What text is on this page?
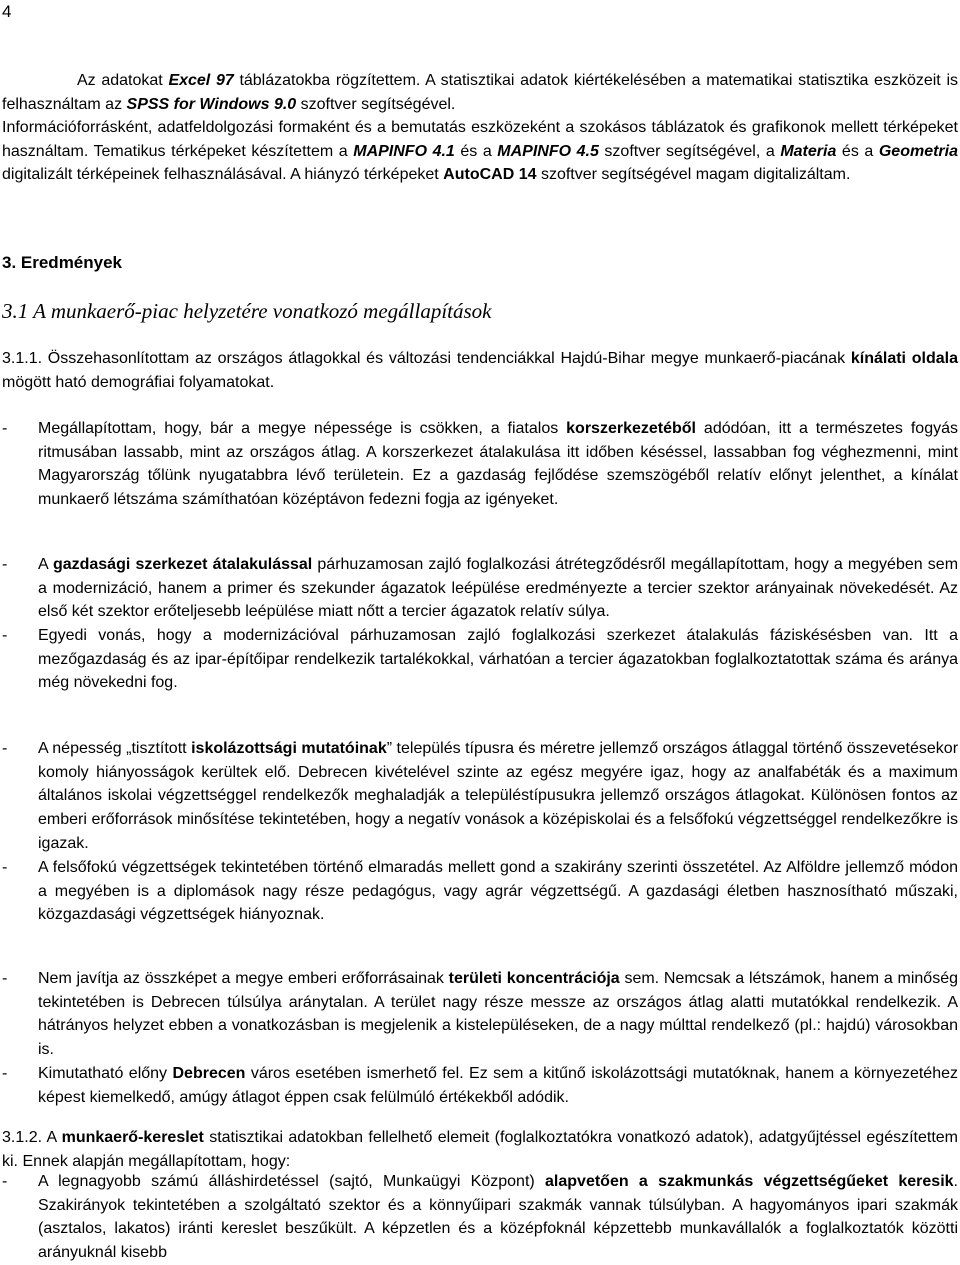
4

Az adatokat Excel 97 táblázatokba rögzítettem. A statisztikai adatok kiértékelésében a matematikai statisztika eszközeit is felhasználtam az SPSS for Windows 9.0 szoftver segítségével.

Információforrásként, adatfeldolgozási formaként és a bemutatás eszközeként a szokásos táblázatok és grafikonok mellett térképeket használtam. Tematikus térképeket készítettem a MAPINFO 4.1 és a MAPINFO 4.5 szoftver segítségével, a Materia és a Geometria digitalizált térképeinek felhasználásával. A hiányzó térképeket AutoCAD 14 szoftver segítségével magam digitalizáltam.

3. Eredmények
3.1 A munkaerő-piac helyzetére vonatkozó megállapítások

3.1.1. Összehasonlítottam az országos átlagokkal és változási tendenciákkal Hajdú-Bihar megye munkaerő-piacának kínálati oldala mögött ható demográfiai folyamatokat.

3.1.2. A munkaerő-kereslet statisztikai adatokban fellelhető elemeit (foglalkoztatókra vonatkozó adatok), adatgyűjtéssel egészítettem ki. Ennek alapján megállapítottam, hogy:

-	Megállapítottam, hogy, bár a megye népessége is csökken, a fiatalos korszerkezetéből adódóan, itt a természetes fogyás ritmusában lassabb, mint az országos átlag. A korszerkezet átalakulása itt időben késéssel, lassabban fog véghezmenni, mint Magyarország tőlünk nyugatabbra lévő területein. Ez a gazdaság fejlődése szemszögéből relatív előnyt jelenthet, a kínálat munkaerő létszáma számíthatóan középtávon fedezni fogja az igényeket.
-	A gazdasági szerkezet átalakulással párhuzamosan zajló foglalkozási átrétegződésről megállapítottam, hogy a megyében sem a modernizáció, hanem a primer és szekunder ágazatok leépülése eredményezte a tercier szektor arányainak növekedését. Az első két szektor erőteljesebb leépülése miatt nőtt a tercier ágazatok relatív súlya.
-	Egyedi vonás, hogy a modernizációval párhuzamosan zajló foglalkozási szerkezet átalakulás fáziskésésben van. Itt a mezőgazdaság és az ipar-építőipar rendelkezik tartalékokkal, várhatóan a tercier ágazatokban foglalkoztatottak száma és aránya még növekedni fog.
-	A népesség „tisztított iskolázottsági mutatóinak” település típusra és méretre jellemző országos átlaggal történő összevetésekor komoly hiányosságok kerültek elő. Debrecen kivételével szinte az egész megyére igaz, hogy az analfabéták és a maximum általános iskolai végzettséggel rendelkezők meghaladják a településtípusukra jellemző országos átlagokat. Különösen fontos az emberi erőforrások minősítése tekintetében, hogy a negatív vonások a középiskolai és a felsőfokú végzettséggel rendelkezőkre is igazak.
-	A felsőfokú végzettségek tekintetében történő elmaradás mellett gond a szakirány szerinti összetétel. Az Alföldre jellemző módon a megyében is a diplomások nagy része pedagógus, vagy agrár végzettségű. A gazdasági életben hasznosítható műszaki, közgazdasági végzettségek hiányoznak.
-	Nem javítja az összképet a megye emberi erőforrásainak területi koncentrációja sem. Nemcsak a létszámok, hanem a minőség tekintetében is Debrecen túlsúlya aránytalan. A terület nagy része messze az országos átlag alatti mutatókkal rendelkezik. A hátrányos helyzet ebben a vonatkozásban is megjelenik a kistelepüléseken, de a nagy múlttal rendelkező (pl.: hajdú) városokban is.
-	Kimutatható előny Debrecen város esetében ismerhető fel. Ez sem a kitűnő iskolázottsági mutatóknak, hanem a környezetéhez képest kiemelkedő, amúgy átlagot éppen csak felülmúló értékekből adódik.
-	A legnagyobb számú álláshirdetéssel (sajtó, Munkaügyi Központ) alapvetően a szakmunkás végzettségűeket keresik. Szakirányok tekintetében a szolgáltató szektor és a könnyűipari szakmák vannak túlsúlyban. A hagyományos ipari szakmák (asztalos, lakatos) iránti kereslet beszűkült. A képzetlen és a középfoknál képzettebb munkavállalók a foglalkoztatók közötti arányuknál kisebb
